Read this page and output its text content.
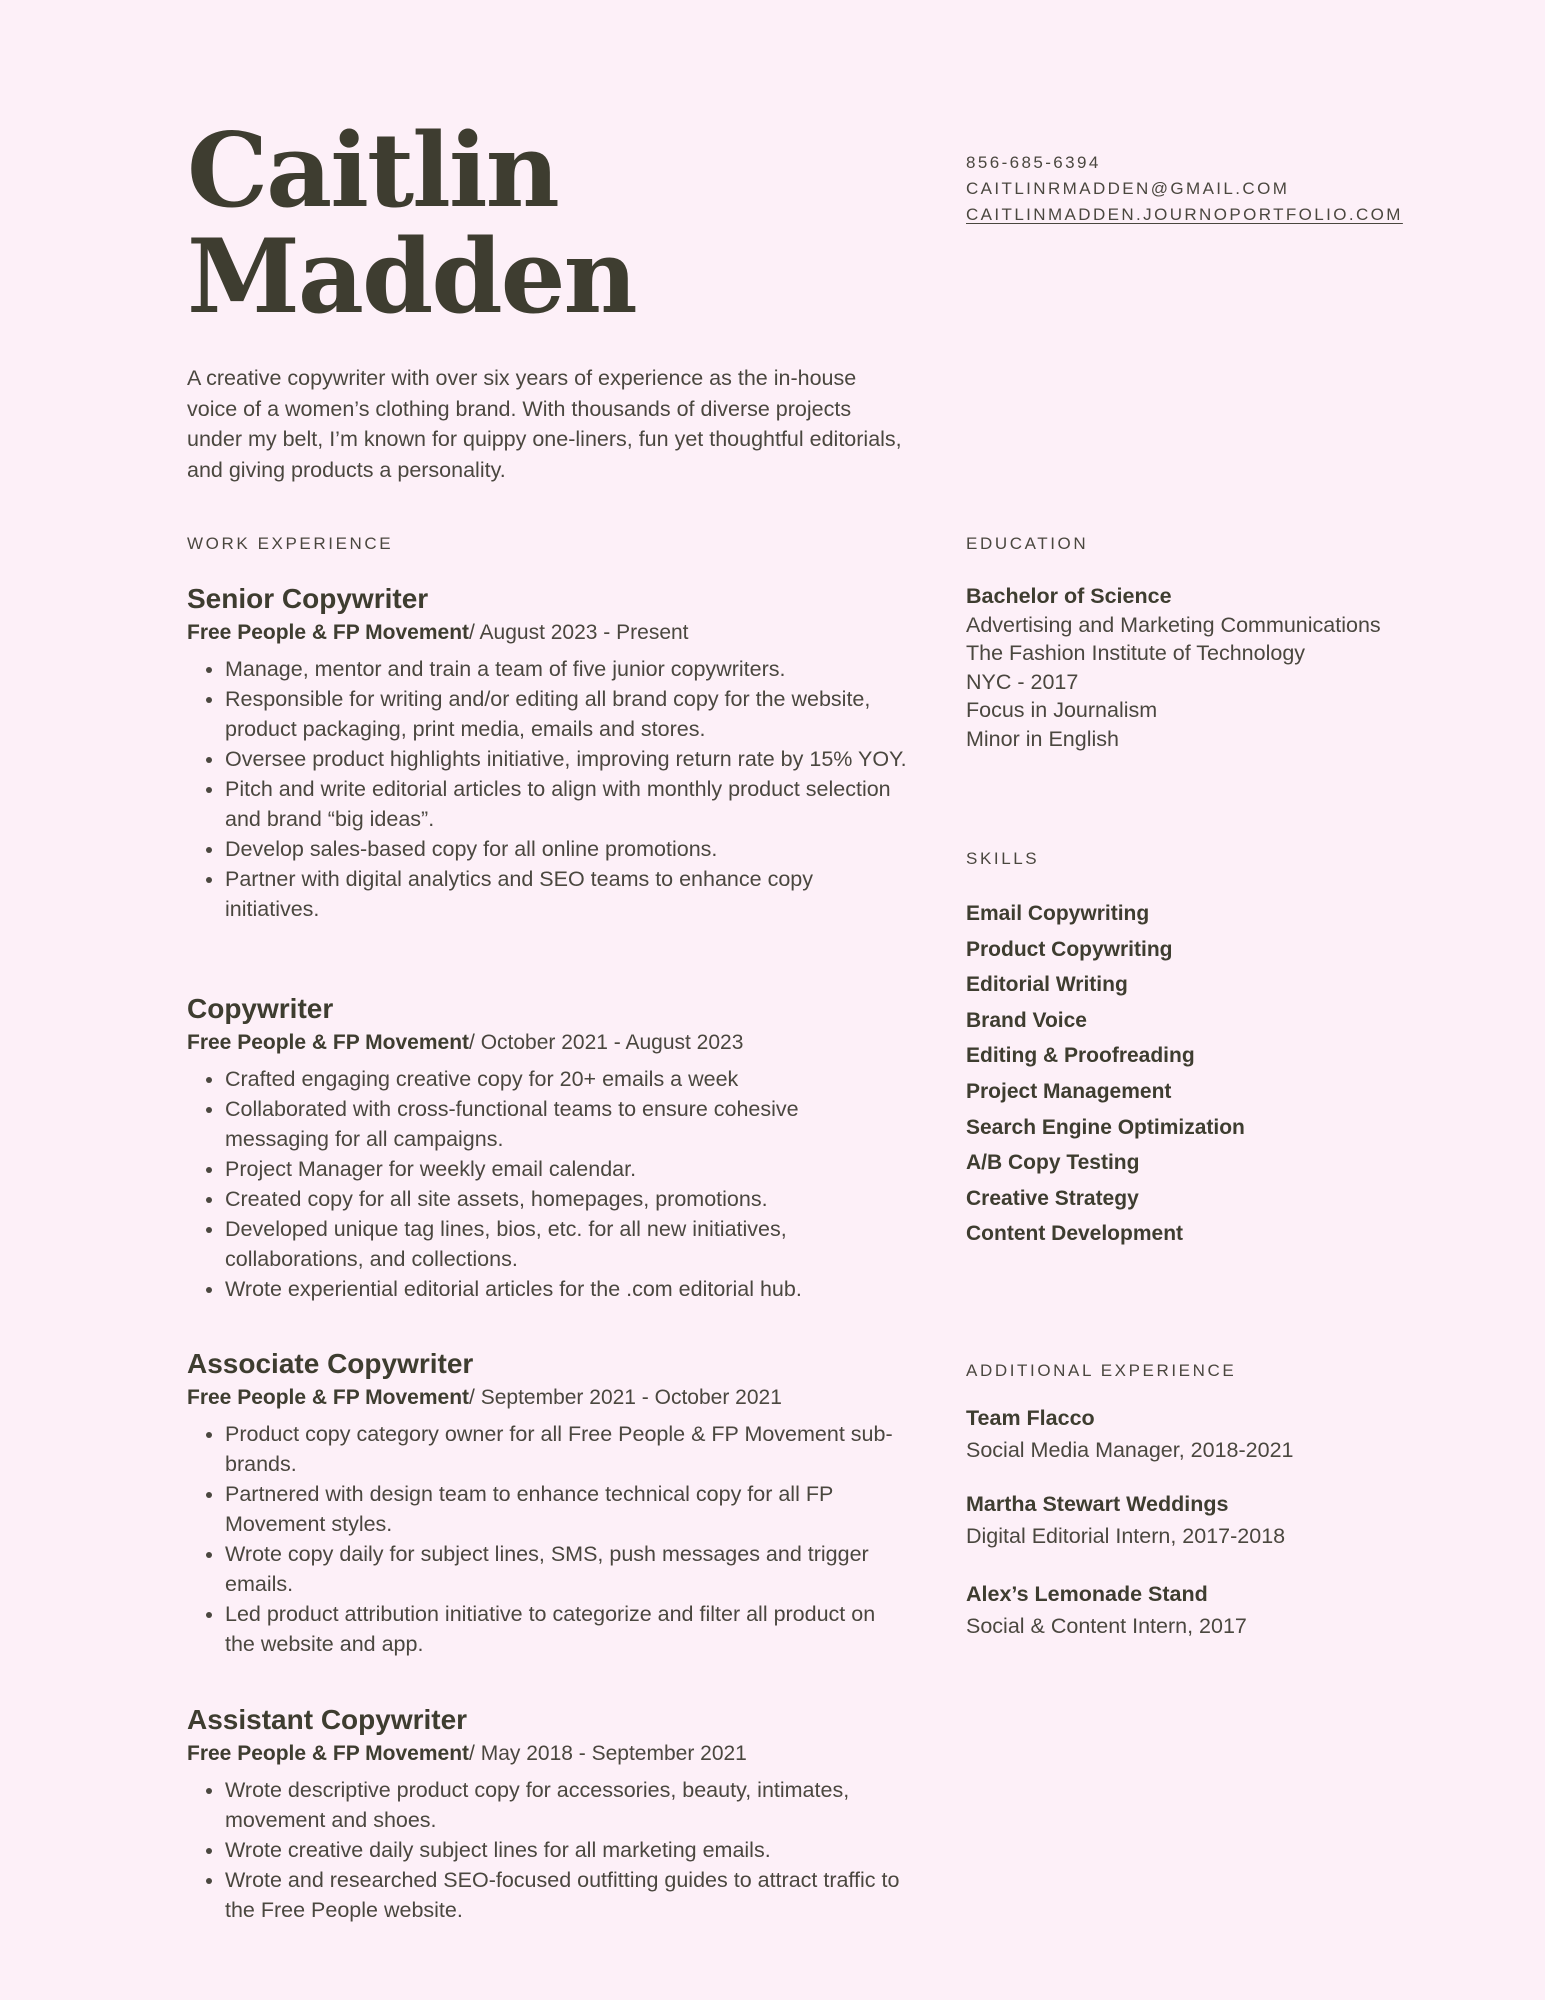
Caitlin
Madden
A creative copywriter with over six years of experience as the in-house voice of a women’s clothing brand. With thousands of diverse projects under my belt, I’m known for quippy one-liners, fun yet thoughtful editorials, and giving products a personality.
856-685-6394
CAITLINRMADDEN@GMAIL.COM
CAITLINMADDEN.JOURNOPORTFOLIO.COM
WORK EXPERIENCE
Senior Copywriter
Free People & FP Movement/ August 2023 - Present
• Manage, mentor and train a team of five junior copywriters.
• Responsible for writing and/or editing all brand copy for the website, product packaging, print media, emails and stores.
• Oversee product highlights initiative, improving return rate by 15% YOY.
• Pitch and write editorial articles to align with monthly product selection and brand “big ideas”.
• Develop sales-based copy for all online promotions.
• Partner with digital analytics and SEO teams to enhance copy initiatives.
Copywriter
Free People & FP Movement/ October 2021 - August 2023
• Crafted engaging creative copy for 20+ emails a week
• Collaborated with cross-functional teams to ensure cohesive messaging for all campaigns.
• Project Manager for weekly email calendar.
• Created copy for all site assets, homepages, promotions.
• Developed unique tag lines, bios, etc. for all new initiatives, collaborations, and collections.
• Wrote experiential editorial articles for the .com editorial hub.
Associate Copywriter
Free People & FP Movement/ September 2021 - October 2021
• Product copy category owner for all Free People & FP Movement sub-brands.
• Partnered with design team to enhance technical copy for all FP Movement styles.
• Wrote copy daily for subject lines, SMS, push messages and trigger emails.
• Led product attribution initiative to categorize and filter all product on the website and app.
Assistant Copywriter
Free People & FP Movement/ May 2018 - September 2021
• Wrote descriptive product copy for accessories, beauty, intimates, movement and shoes.
• Wrote creative daily subject lines for all marketing emails.
• Wrote and researched SEO-focused outfitting guides to attract traffic to the Free People website.
EDUCATION
Bachelor of Science
Advertising and Marketing Communications
The Fashion Institute of Technology
NYC - 2017
Focus in Journalism
Minor in English
SKILLS
Email Copywriting
Product Copywriting
Editorial Writing
Brand Voice
Editing & Proofreading
Project Management
Search Engine Optimization
A/B Copy Testing
Creative Strategy
Content Development
ADDITIONAL EXPERIENCE
Team Flacco
Social Media Manager, 2018-2021
Martha Stewart Weddings
Digital Editorial Intern, 2017-2018
Alex’s Lemonade Stand
Social & Content Intern, 2017
